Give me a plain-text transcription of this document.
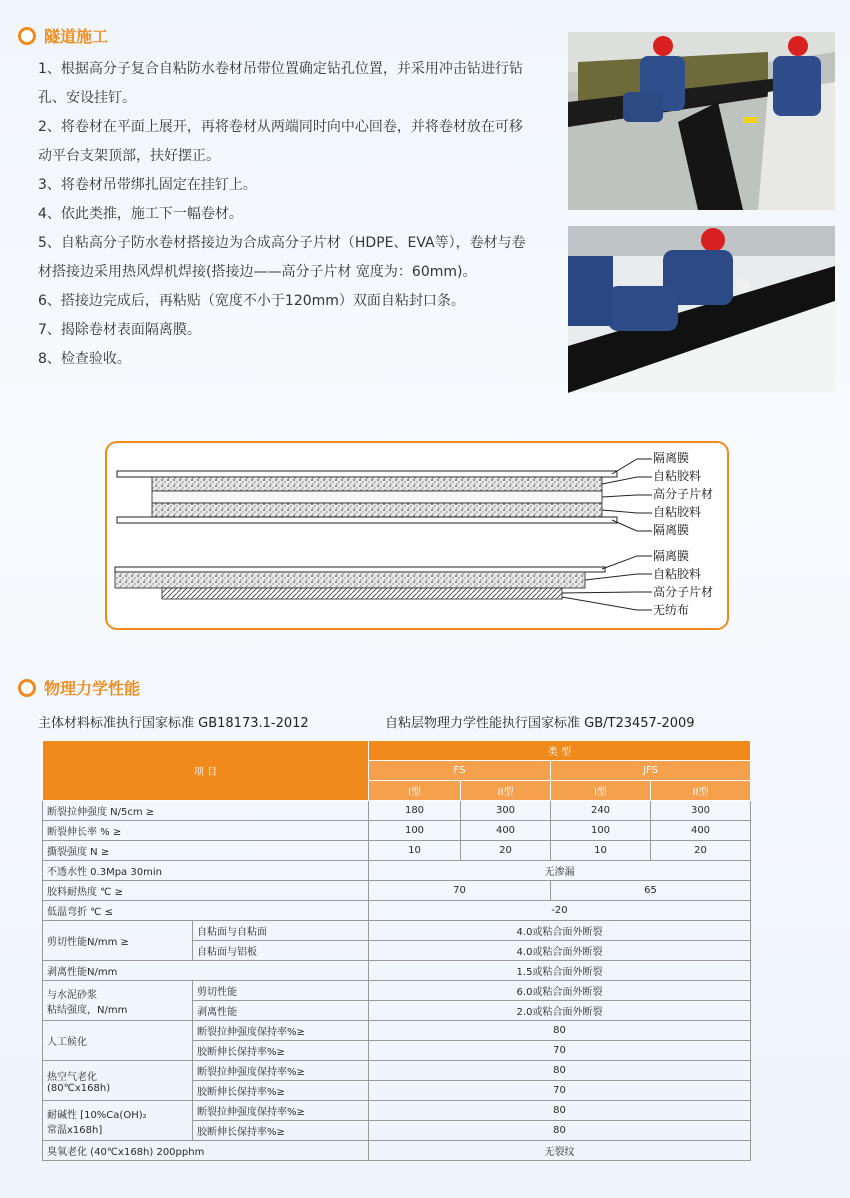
隧道施工

1、根据高分子复合自粘防水卷材吊带位置确定钻孔位置，并采用冲击钻进行钻孔、安设挂钉。

2、将卷材在平面上展开，再将卷材从两端同时向中心回卷，并将卷材放在可移动平台支架顶部，扶好摆正。

3、将卷材吊带绑扎固定在挂钉上。

4、依此类推，施工下一幅卷材。

5、自粘高分子防水卷材搭接边为合成高分子片材（HDPE、EVA等），卷材与卷材搭接边采用热风焊机焊接(搭接边——高分子片材 宽度为：60mm)。

6、搭接边完成后，再粘贴（宽度不小于120mm）双面自粘封口条。

7、揭除卷材表面隔离膜。

8、检查验收。

隔离膜
自粘胶料
高分子片材
自粘胶料
隔离膜
隔离膜
自粘胶料
高分子片材
无纺布
物理力学性能
主体材料标准执行国家标准 GB18173.1-2012	自粘层物理力学性能执行国家标准 GB/T23457-2009
项 目		类 型			
		FS		JFS	
		I型	II型	I型	II型
断裂拉伸强度 N/5cm ≥		180	300	240	300
断裂伸长率 % ≥		100	400	100	400
撕裂强度 N ≥		10	20	10	20
不透水性 0.3Mpa 30min		无渗漏			
胶料耐热度 ℃ ≥		70		65	
低温弯折 ℃ ≤		-20			
剪切性能N/mm ≥	自粘面与自粘面	4.0或粘合面外断裂			
	自粘面与铝板	4.0或粘合面外断裂			
剥离性能N/mm		1.5或粘合面外断裂			

与水泥砂浆
粘结强度，N/mm	剪切性能	6.0或粘合面外断裂			
	剥离性能	2.0或粘合面外断裂			
人工候化	断裂拉伸强度保持率%≥	80			
	胶断伸长保持率%≥	70			

热空气老化
(80℃x168h)	断裂拉伸强度保持率%≥	80			
	胶断伸长保持率%≥	70			

耐碱性 [10%Ca(OH)₂
常温x168h]	断裂拉伸强度保持率%≥	80			
	胶断伸长保持率%≥	80			
臭氧老化 (40℃x168h) 200pphm		无裂纹			
